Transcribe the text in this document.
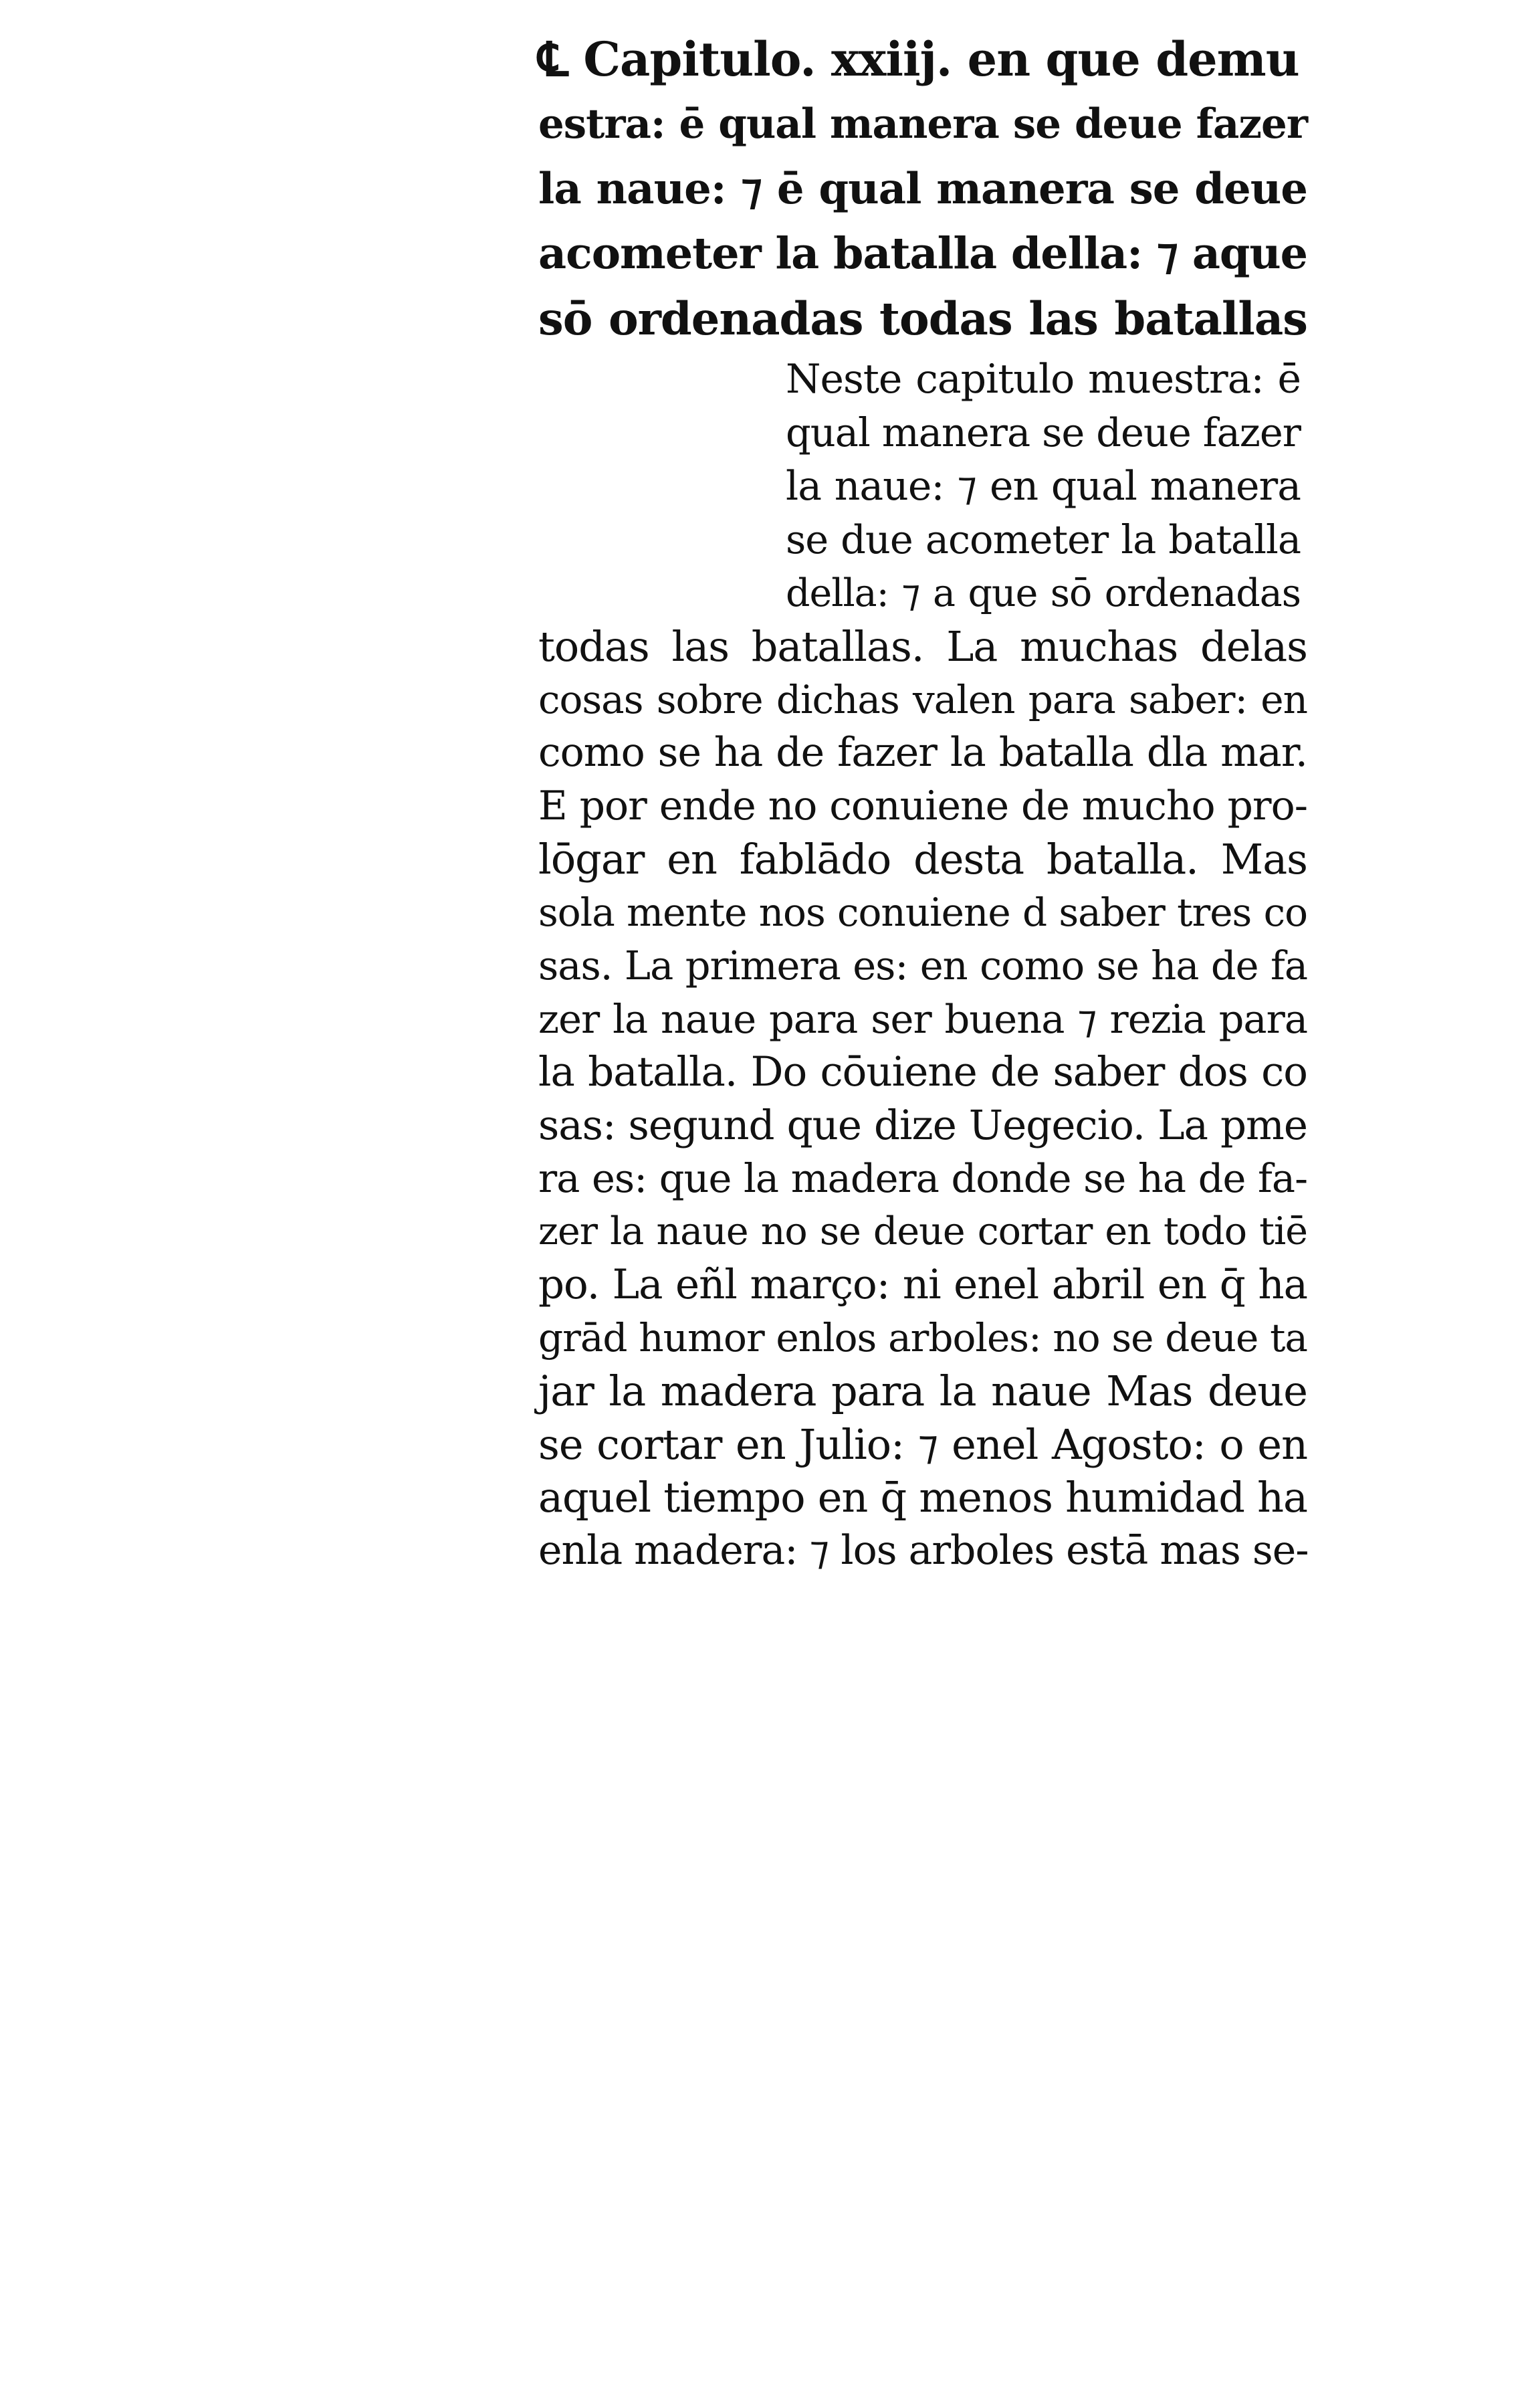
℄ Capitulo. xxiij. en que demu
estra: ē qual manera se deue fazer
la naue: ⁊ ē qual manera se deue
acometer la batalla della: ⁊ aque
sō ordenadas todas las batallas
Neste capitulo muestra: ē
qual manera se deue fazer
la naue: ⁊ en qual manera
se due acometer la batalla
della: ⁊ a que sō ordenadas
todas las batallas. La muchas delas
cosas sobre dichas valen para saber: en
como se ha de fazer la batalla dla mar.
E por ende no conuiene de mucho pro-
lōgar en fablādo desta batalla. Mas
sola mente nos conuiene d saber tres co
sas. La primera es: en como se ha de fa
zer la naue para ser buena ⁊ rezia para
la batalla. Do cōuiene de saber dos co
sas: segund que dize Uegecio. La pme
ra es: que la madera donde se ha de fa-
zer la naue no se deue cortar en todo tiē
po. La eñl março: ni enel abril en q̄ ha
grād humor enlos arboles: no se deue ta
jar la madera para la naue Mas deue
se cortar en Julio: ⁊ enel Agosto: o en
aquel tiempo en q̄ menos humidad ha
enla madera: ⁊ los arboles estā mas se-
